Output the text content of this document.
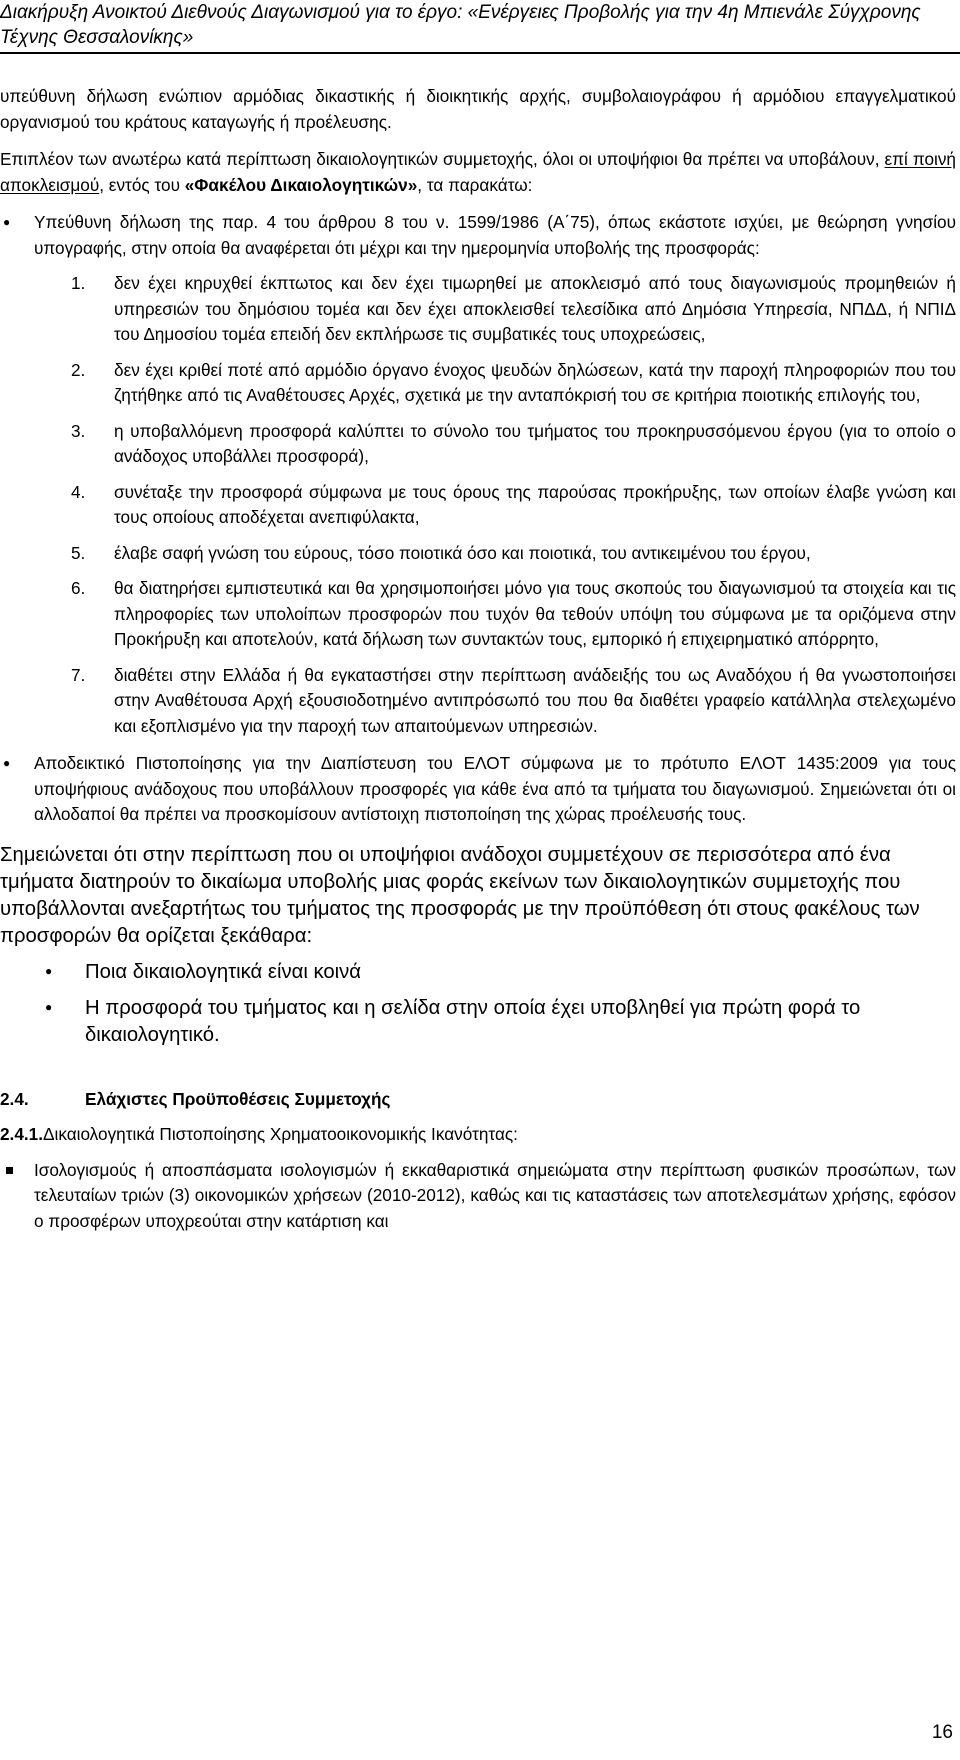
Διακήρυξη Ανοικτού Διεθνούς Διαγωνισμού για το έργο: «Ενέργειες Προβολής για την 4η Μπιενάλε Σύγχρονης Τέχνης Θεσσαλονίκης»

υπεύθυνη δήλωση ενώπιον αρμόδιας δικαστικής ή διοικητικής αρχής, συμβολαιογράφου ή αρμόδιου επαγγελματικού οργανισμού του κράτους καταγωγής ή προέλευσης.

Επιπλέον των ανωτέρω κατά περίπτωση δικαιολογητικών συμμετοχής, όλοι οι υποψήφιοι θα πρέπει να υποβάλουν, επί ποινή αποκλεισμού, εντός του «Φακέλου Δικαιολογητικών», τα παρακάτω:

●	Υπεύθυνη δήλωση της παρ. 4 του άρθρου 8 του ν. 1599/1986 (Α΄75), όπως εκάστοτε ισχύει, με θεώρηση γνησίου υπογραφής, στην οποία θα αναφέρεται ότι μέχρι και την ημερομηνία υποβολής της προσφοράς:
1.	δεν έχει κηρυχθεί έκπτωτος και δεν έχει τιμωρηθεί με αποκλεισμό από τους διαγωνισμούς προμηθειών ή υπηρεσιών του δημόσιου τομέα και δεν έχει αποκλεισθεί τελεσίδικα από Δημόσια Υπηρεσία, ΝΠΔΔ, ή ΝΠΙΔ του Δημοσίου τομέα επειδή δεν εκπλήρωσε τις συμβατικές τους υποχρεώσεις,
2.	δεν έχει κριθεί ποτέ από αρμόδιο όργανο ένοχος ψευδών δηλώσεων, κατά την παροχή πληροφοριών που του ζητήθηκε από τις Αναθέτουσες Αρχές, σχετικά με την ανταπόκρισή του σε κριτήρια ποιοτικής επιλογής του,
3.	η υποβαλλόμενη προσφορά καλύπτει το σύνολο του τμήματος του προκηρυσσόμενου έργου (για το οποίο ο ανάδοχος υποβάλλει προσφορά),
4.	συνέταξε την προσφορά σύμφωνα με τους όρους της παρούσας προκήρυξης, των οποίων έλαβε γνώση και τους οποίους αποδέχεται ανεπιφύλακτα,
5.	έλαβε σαφή γνώση του εύρους, τόσο ποιοτικά όσο και ποιοτικά, του αντικειμένου του έργου,
6.	θα διατηρήσει εμπιστευτικά και θα χρησιμοποιήσει μόνο για τους σκοπούς του διαγωνισμού τα στοιχεία και τις πληροφορίες των υπολοίπων προσφορών που τυχόν θα τεθούν υπόψη του σύμφωνα με τα οριζόμενα στην Προκήρυξη και αποτελούν, κατά δήλωση των συντακτών τους, εμπορικό ή επιχειρηματικό απόρρητο,
7.	διαθέτει στην Ελλάδα ή θα εγκαταστήσει στην περίπτωση ανάδειξής του ως Αναδόχου ή θα γνωστοποιήσει στην Αναθέτουσα Αρχή εξουσιοδοτημένο αντιπρόσωπό του που θα διαθέτει γραφείο κατάλληλα στελεχωμένο και εξοπλισμένο για την παροχή των απαιτούμενων υπηρεσιών.
●	Αποδεικτικό Πιστοποίησης για την Διαπίστευση του ΕΛΟΤ σύμφωνα με το πρότυπο ΕΛΟΤ 1435:2009 για τους υποψήφιους ανάδοχους που υποβάλλουν προσφορές για κάθε ένα από τα τμήματα του διαγωνισμού. Σημειώνεται ότι οι αλλοδαποί θα πρέπει να προσκομίσουν αντίστοιχη πιστοποίηση της χώρας προέλευσής τους.

Σημειώνεται ότι στην περίπτωση που οι υποψήφιοι ανάδοχοι συμμετέχουν σε περισσότερα από ένα τμήματα διατηρούν το δικαίωμα υποβολής μιας φοράς εκείνων των δικαιολογητικών συμμετοχής που υποβάλλονται ανεξαρτήτως του τμήματος της προσφοράς με την προϋπόθεση ότι στους φακέλους των προσφορών θα ορίζεται ξεκάθαρα:

●	Ποια δικαιολογητικά είναι κοινά
●	Η προσφορά του τμήματος και η σελίδα στην οποία έχει υποβληθεί για πρώτη φορά το δικαιολογητικό.
2.4.	Ελάχιστες Προϋποθέσεις Συμμετοχής
2.4.1. Δικαιολογητικά Πιστοποίησης Χρηματοοικονομικής Ικανότητας:
Ισολογισμούς ή αποσπάσματα ισολογισμών ή εκκαθαριστικά σημειώματα στην περίπτωση φυσικών προσώπων, των τελευταίων τριών (3) οικονομικών χρήσεων (2010-2012), καθώς και τις καταστάσεις των αποτελεσμάτων χρήσης, εφόσον ο προσφέρων υποχρεούται στην κατάρτιση και
16
